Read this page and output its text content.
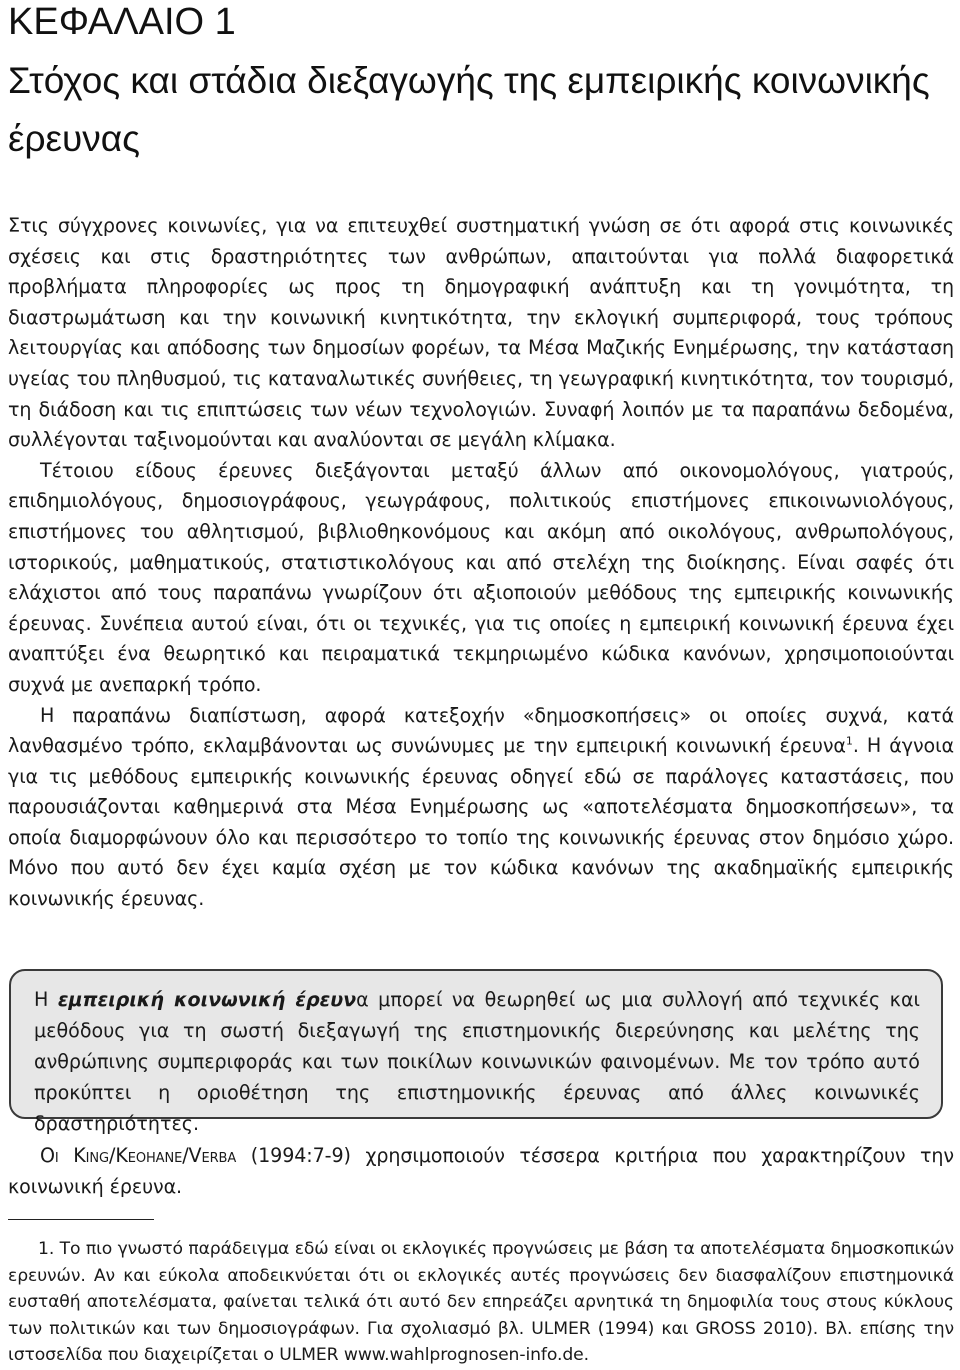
ΚΕΦΑΛΑΙΟ 1
Στόχος και στάδια διεξαγωγής της εμπειρικής κοινωνικής έρευνας

Στις σύγχρονες κοινωνίες, για να επιτευχθεί συστηματική γνώση σε ότι αφορά στις κοινωνικές σχέσεις και στις δραστηριότητες των ανθρώπων, απαιτούνται για πολλά διαφορετικά προβλήματα πληροφορίες ως προς τη δημογραφική ανάπτυξη και τη γονιμότητα, τη διαστρωμάτωση και την κοινωνική κινητικότητα, την εκλογική συμπεριφορά, τους τρόπους λειτουργίας και απόδοσης των δημοσίων φορέων, τα Μέσα Μαζικής Ενημέρωσης, την κατάσταση υγείας του πληθυσμού, τις καταναλωτικές συνήθειες, τη γεωγραφική κινητικότητα, τον τουρισμό, τη διάδοση και τις επιπτώσεις των νέων τεχνολογιών. Συναφή λοιπόν με τα παραπάνω δεδομένα, συλλέγονται ταξινομούνται και αναλύονται σε μεγάλη κλίμακα.

Τέτοιου είδους έρευνες διεξάγονται μεταξύ άλλων από οικονομολόγους, γιατρούς, επιδημιολόγους, δημοσιογράφους, γεωγράφους, πολιτικούς επιστήμονες επικοινωνιολόγους, επιστήμονες του αθλητισμού, βιβλιοθηκονόμους και ακόμη από οικολόγους, ανθρωπολόγους, ιστορικούς, μαθηματικούς, στατιστικολόγους και από στελέχη της διοίκησης. Είναι σαφές ότι ελάχιστοι από τους παραπάνω γνωρίζουν ότι αξιοποιούν μεθόδους της εμπειρικής κοινωνικής έρευνας. Συνέπεια αυτού είναι, ότι οι τεχνικές, για τις οποίες η εμπειρική κοινωνική έρευνα έχει αναπτύξει ένα θεωρητικό και πειραματικά τεκμηριωμένο κώδικα κανόνων, χρησιμοποιούνται συχνά με ανεπαρκή τρόπο.

Η παραπάνω διαπίστωση, αφορά κατεξοχήν «δημοσκοπήσεις» οι οποίες συχνά, κατά λανθασμένο τρόπο, εκλαμβάνονται ως συνώνυμες με την εμπειρική κοινωνική έρευνα$^1$. Η άγνοια για τις μεθόδους εμπειρικής κοινωνικής έρευνας οδηγεί εδώ σε παράλογες καταστάσεις, που παρουσιάζονται καθημερινά στα Μέσα Ενημέρωσης ως «αποτελέσματα δημοσκοπήσεων», τα οποία διαμορφώνουν όλο και περισσότερο το τοπίο της κοινωνικής έρευνας στον δημόσιο χώρο. Μόνο που αυτό δεν έχει καμία σχέση με τον κώδικα κανόνων της ακαδημαϊκής εμπειρικής κοινωνικής έρευνας.

Η εμπειρική κοινωνική έρευνα μπορεί να θεωρηθεί ως μια συλλογή από τεχνικές και μεθόδους για τη σωστή διεξαγωγή της επιστημονικής διερεύνησης και μελέτης της ανθρώπινης συμπεριφοράς και των ποικίλων κοινωνικών φαινομένων. Με τον τρόπο αυτό προκύπτει η οριοθέτηση της επιστημονικής έρευνας από άλλες κοινωνικές δραστηριότητες.

Οι King/Keohane/Verba (1994:7-9) χρησιμοποιούν τέσσερα κριτήρια που χαρακτηρίζουν την κοινωνική έρευνα.

1. Το πιο γνωστό παράδειγμα εδώ είναι οι εκλογικές προγνώσεις με βάση τα αποτελέσματα δημοσκοπικών ερευνών. Αν και εύκολα αποδεικνύεται ότι οι εκλογικές αυτές προγνώσεις δεν διασφαλίζουν επιστημονικά ευσταθή αποτελέσματα, φαίνεται τελικά ότι αυτό δεν επηρεάζει αρνητικά τη δημοφιλία τους στους κύκλους των πολιτικών και των δημοσιογράφων. Για σχολιασμό βλ. ULMER (1994) και GROSS 2010). Βλ. επίσης την ιστοσελίδα που διαχειρίζεται ο ULMER www.wahlprognosen-info.de.
